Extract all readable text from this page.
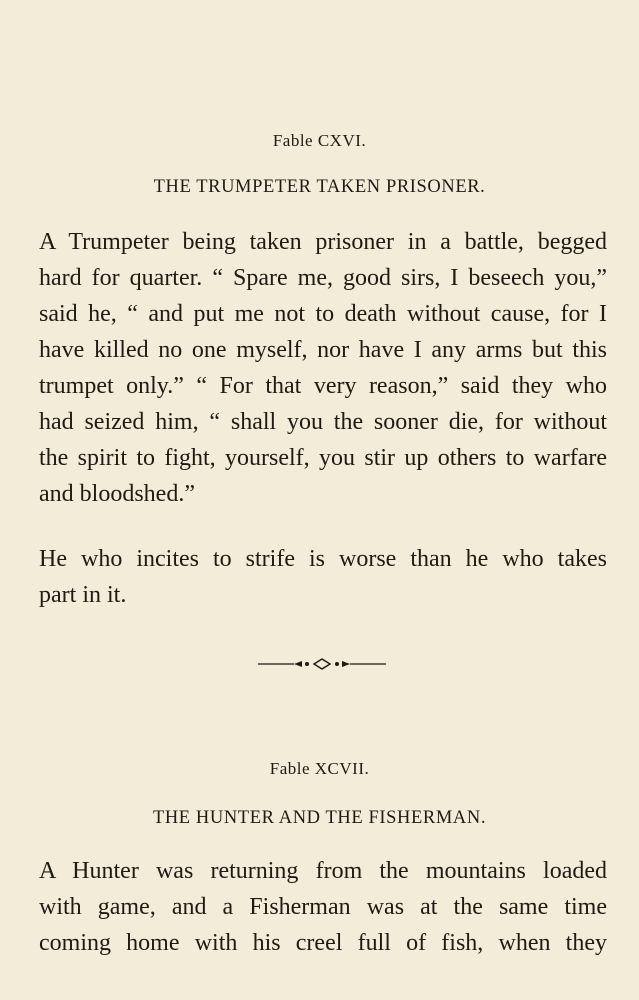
Fable CXVI.
THE TRUMPETER TAKEN PRISONER.
A Trumpeter being taken prisoner in a battle, begged
hard for quarter. “ Spare me, good sirs, I beseech you,”
said he, “ and put me not to death without cause, for I
have killed no one myself, nor have I any arms but this
trumpet only.” “ For that very reason,” said they who
had seized him, “ shall you the sooner die, for without
the spirit to fight, yourself, you stir up others to warfare
and bloodshed.”
He who incites to strife is worse than he who takes
part in it.
Fable XCVII.
THE HUNTER AND THE FISHERMAN.
A Hunter was returning from the mountains loaded
with game, and a Fisherman was at the same time
coming home with his creel full of fish, when they
